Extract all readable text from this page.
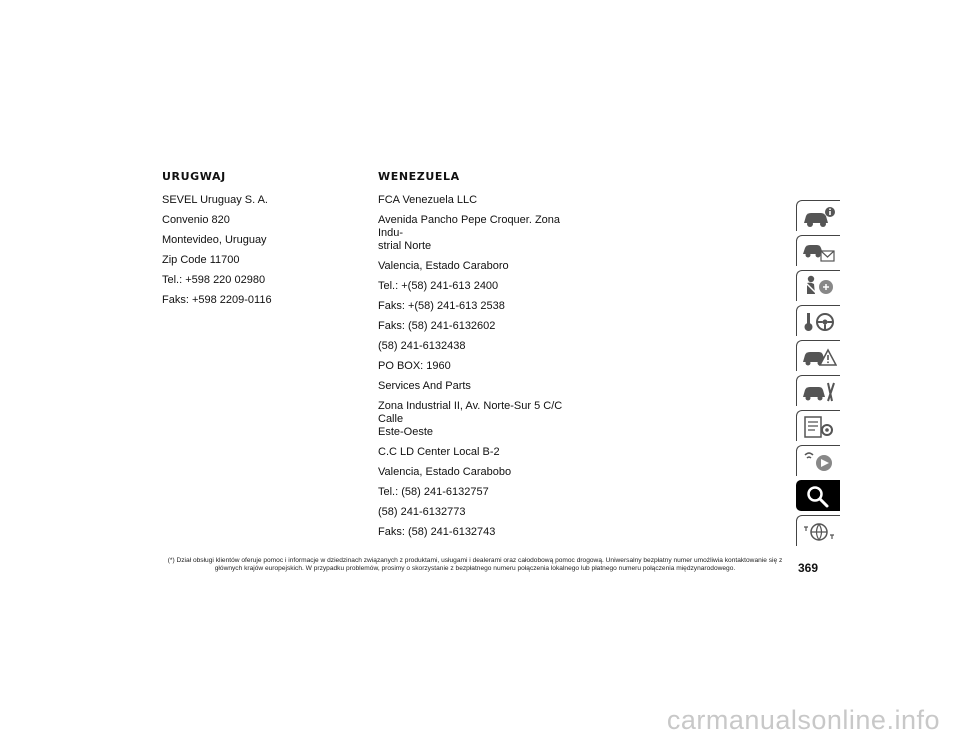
URUGWAJ
SEVEL Uruguay S. A.
Convenio 820
Montevideo, Uruguay
Zip Code 11700
Tel.: +598 220 02980
Faks: +598 2209-0116
WENEZUELA
FCA Venezuela LLC
Avenida Pancho Pepe Croquer. Zona Indu-
strial Norte
Valencia, Estado Caraboro
Tel.: +(58) 241-613 2400
Faks: +(58) 241-613 2538
Faks: (58) 241-6132602
(58) 241-6132438
PO BOX: 1960
Services And Parts
Zona Industrial II, Av. Norte-Sur 5 C/C Calle
Este-Oeste
C.C LD Center Local B-2
Valencia, Estado Carabobo
Tel.: (58) 241-6132757
(58) 241-6132773
Faks: (58) 241-6132743
(*) Dział obsługi klientów oferuje pomoc i informacje w dziedzinach związanych z produktami, usługami i dealerami oraz całodobową pomoc drogową. Uniwersalny bezpłatny numer umożliwia kontaktowanie się z głównych krajów europejskich. W przypadku problemów, prosimy o skorzystanie z bezpłatnego numeru połączenia lokalnego lub płatnego numeru połączenia międzynarodowego.	369
carmanualsonline.info
